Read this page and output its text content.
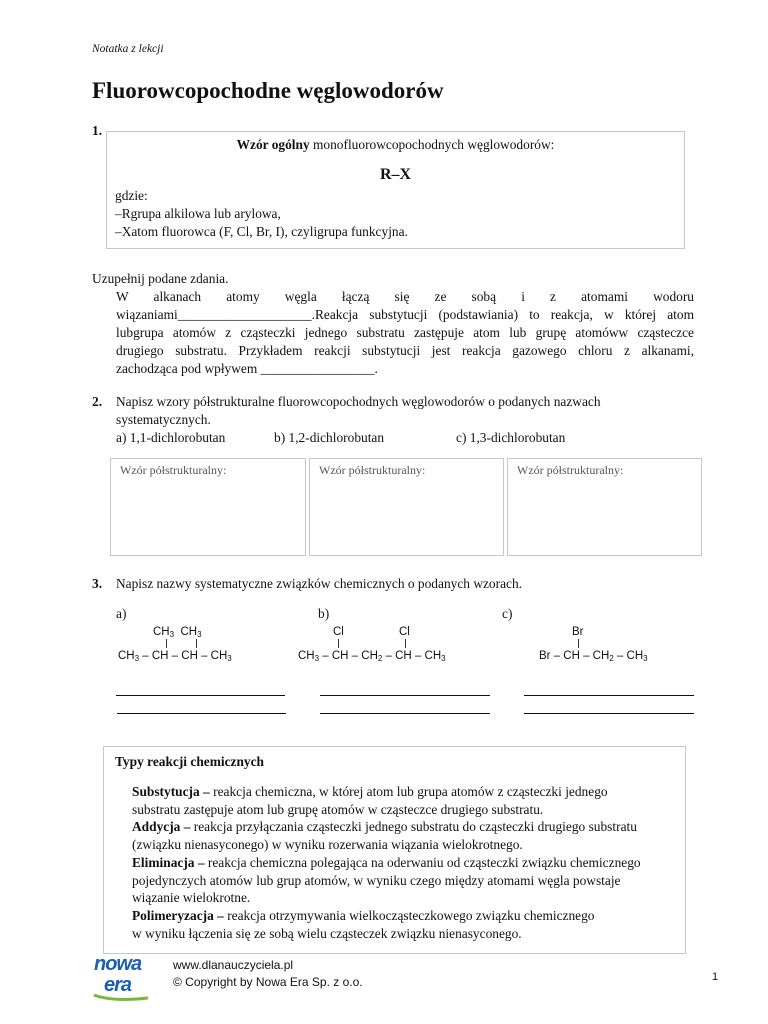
Notatka z lekcji
Fluorowcopochodne węglowodorów
1.
Wzór ogólny monofluorowcopochodnych węglowodorów:
R–X
gdzie:
–Rgrupa alkilowa lub arylowa,
–Xatom fluorowca (F, Cl, Br, I), czyligrupa funkcyjna.
Uzupełnij podane zdania.
W alkanach atomy węgla łączą się ze sobą i z atomami wodoru
wiązaniami____________________.Reakcja substytucji (podstawiania) to reakcja, w której atom
lubgrupa atomów z cząsteczki jednego substratu zastępuje atom lub grupę atomóww cząsteczce
drugiego substratu. Przykładem reakcji substytucji jest reakcja gazowego chloru z alkanami,
zachodząca pod wpływem _________________.
2. Napisz wzory półstrukturalne fluorowcopochodnych węglowodorów o podanych nazwach
systematycznych.
a) 1,1-dichlorobutan	b) 1,2-dichlorobutan	c) 1,3-dichlorobutan
Wzór półstrukturalny:	Wzór półstrukturalny:	Wzór półstrukturalny:
3. Napisz nazwy systematyczne związków chemicznych o podanych wzorach.
a)	b)	c)
$CH_3$  $CH_3$
$CH_3$ – CH – CH – $CH_3$
Cl	Cl
$CH_3$ – CH – $CH_2$ – CH – $CH_3$
Br
Br – CH – $CH_2 - CH_3$
Typy reakcji chemicznych

Substytucja – reakcja chemiczna, w której atom lub grupa atomów z cząsteczki jednego
substratu zastępuje atom lub grupę atomów w cząsteczce drugiego substratu.

Addycja – reakcja przyłączania cząsteczki jednego substratu do cząsteczki drugiego substratu
(związku nienasyconego) w wyniku rozerwania wiązania wielokrotnego.

Eliminacja – reakcja chemiczna polegająca na oderwaniu od cząsteczki związku chemicznego
pojedynczych atomów lub grup atomów, w wyniku czego między atomami węgla powstaje
wiązanie wielokrotne.

Polimeryzacja – reakcja otrzymywania wielkocząsteczkowego związku chemicznego
w wyniku łączenia się ze sobą wielu cząsteczek związku nienasyconego.

nowa
era
www.dlanauczyciela.pl
© Copyright by Nowa Era Sp. z o.o.	1
